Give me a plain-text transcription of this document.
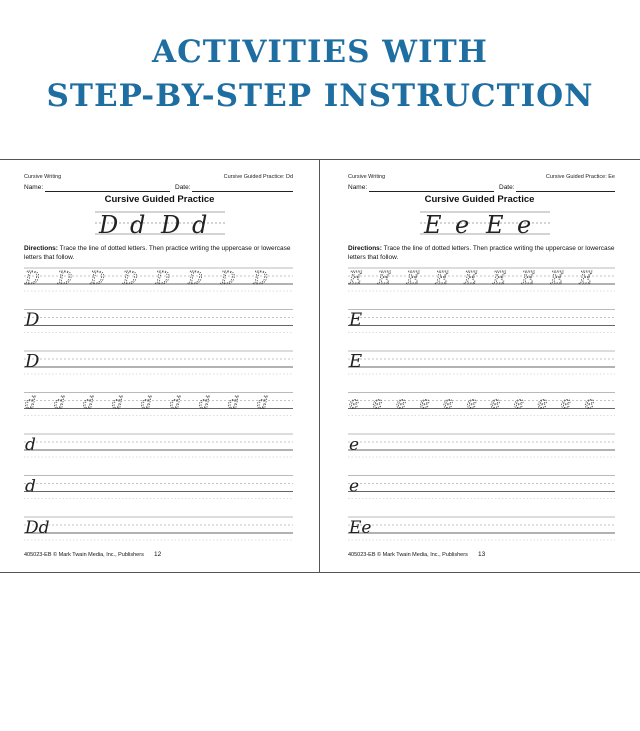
ACTIVITIES WITH
STEP-BY-STEP INSTRUCTION
Cursive Writing	Cursive Guided Practice: Dd
Name:	Date:
Cursive Guided Practice
D d D d
Directions: Trace the line of dotted letters. Then practice writing the uppercase or lowercase letters that follow.
D D D D D D D D
D
D
d d d d d d d d d
d
d
Dd
405023-EB © Mark Twain Media, Inc., Publishers 12
Cursive Writing	Cursive Guided Practice: Ee
Name:	Date:
Cursive Guided Practice
E e E e
Directions: Trace the line of dotted letters. Then practice writing the uppercase or lowercase letters that follow.
E E E E E E E E E
E
E
e e e e e e e e e e e
e
e
Ee
405023-EB © Mark Twain Media, Inc., Publishers 13
